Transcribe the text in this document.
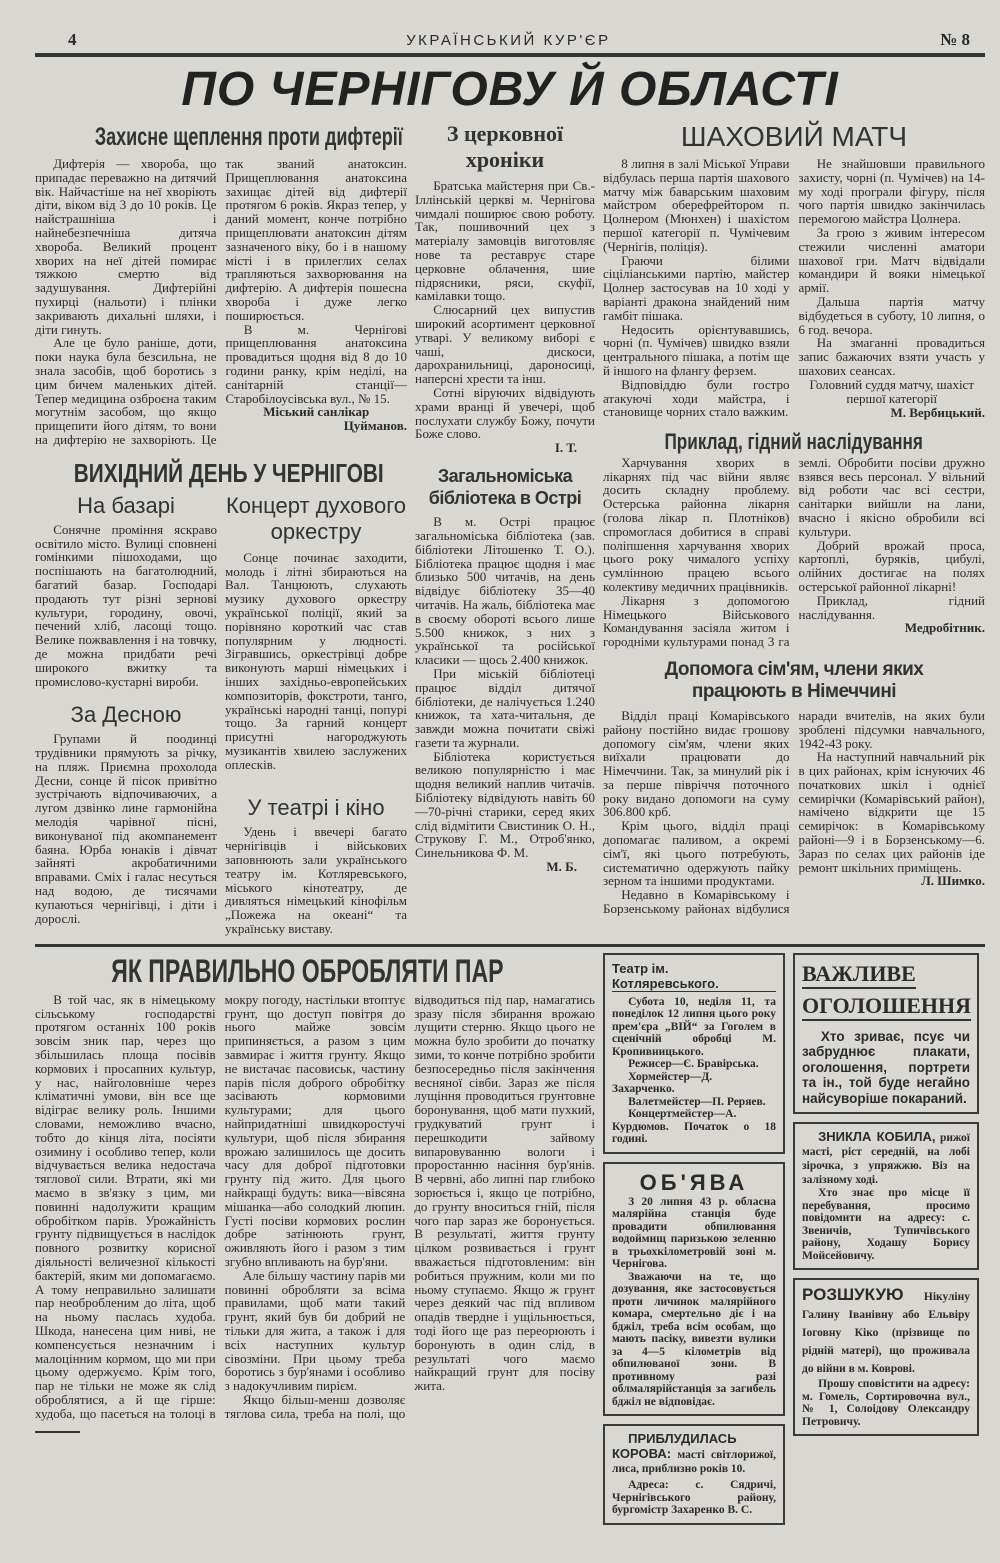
4	УКРАЇНСЬКИЙ КУР'ЄР	№ 8
ПО ЧЕРНІГОВУ Й ОБЛАСТІ
Захисне щеплення проти дифтерії

Дифтерія — хвороба, що припадає переважно на дитячий вік. Найчастіше на неї хворіють діти, віком від 3 до 10 років. Це найстрашніша і найнебезпечніша дитяча хвороба. Великий процент хворих на неї дітей помирає тяжкою смертю від задушування. Дифтерійні пухирці (нальоти) і плінки закривають дихальні шляхи, і діти гинуть.

Але це було раніше, доти, поки наука була безсильна, не знала засобів, щоб боротись з цим бичем маленьких дітей. Тепер медицина озброєна таким могутнім засобом, що якщо прищепити його дітям, то вони на дифтерію не захворіють. Це так званий анатоксин. Прищеплювання анатоксина захищає дітей від дифтерії протягом 6 років. Якраз тепер, у даний момент, конче потрібно прищеплювати анатоксин дітям зазначеного віку, бо і в нашому місті і в прилеглих селах трапляються захворювання на дифтерію. А дифтерія пошесна хвороба і дуже легко поширюється.

В м. Чернігові прищеплювання анатоксина провадиться щодня від 8 до 10 години ранку, крім неділі, на санітарній станції—Старобілоусівська вул., № 15.

Міський санлікар
Цуйманов.
ВИХІДНИЙ ДЕНЬ У ЧЕРНІГОВІ
На базарі

Сонячне проміння яскраво освітило місто. Вулиці сповнені гомінкими пішоходами, що поспішають на багатолюдний, багатий базар. Господарі продають тут різні зернові культури, городину, овочі, печений хліб, ласощі тощо. Велике пожвавлення і на товчку, де можна придбати речі широкого вжитку та промислово-кустарні вироби.

За Десною

Групами й поодинці трудівники прямують за річку, на пляж. Приємна прохолода Десни, сонце й пісок привітно зустрічають відпочиваючих, а лугом дзвінко лине гармонійна мелодія чарівної пісні, виконуваної під акомпанемент баяна. Юрба юнаків і дівчат зайняті акробатичними вправами. Сміх і галас несуться над водою, де тисячами купаються чернігівці, і діти і дорослі.

Концерт духового оркестру

Сонце починає заходити, молодь і літні збираються на Вал. Танцюють, слухають музику духового оркестру української поліції, який за порівняно короткий час став популярним у людності. Зігравшись, оркестрівці добре виконують марші німецьких і інших західньо-европейських композиторів, фокстроти, танго, українські народні танці, попурі тощо. За гарний концерт присутні нагороджують музикантів хвилею заслужених оплесків.

У театрі і кіно

Удень і ввечері багато чернігівців і військових заповнюють зали українського театру ім. Котляревського, міського кінотеатру, де дивляться німецький кінофільм „Пожежа на океані“ та українську виставу.

З церковної хроніки

Братська майстерня при Св.-Іллінській церкві м. Чернігова чимдалі поширює свою роботу. Так, пошивочний цех з матеріалу замовців виготовляє нове та реставрує старе церковне облачення, шие підрясники, ряси, скуфії, камілавки тощо.

Слюсарний цех випустив широкий асортимент церковної утварі. У великому виборі є чаші, дискоси, дарохранильниці, дароносиці, наперсні хрести та інш.

Сотні віруючих відвідують храми вранці й увечері, щоб послухати службу Божу, почути Боже слово.

І. Т.
Загальноміська бібліотека в Острі

В м. Острі працює загальноміська бібліотека (зав. бібліотеки Літошенко Т. О.). Бібліотека працює щодня і має близько 500 читачів, на день відвідує бібліотеку 35—40 читачів. На жаль, бібліотека має в своєму обороті всього лише 5.500 книжок, з них з української та російської класики — щось 2.400 книжок.

При міській бібліотеці працює відділ дитячої бібліотеки, де налічується 1.240 книжок, та хата-читальня, де завжди можна почитати свіжі газети та журнали.

Бібліотека користується великою популярністю і має щодня великий наплив читачів. Бібліотеку відвідують навіть 60—70-річні старики, серед яких слід відмітити Свистиник О. Н., Струкову Г. М., Отроб'янко, Синельникова Ф. М.

М. Б.
ШАХОВИЙ МАТЧ

8 липня в залі Міської Управи відбулась перша партія шахового матчу між баварським шаховим майстром оберефрейтором п. Цолнером (Мюнхен) і шахістом першої категорії п. Чумічевим (Чернігів, поліція).

Граючи білими сіціліанськими партію, майстер Цолнер застосував на 10 ході у варіанті дракона знайдений ним гамбіт пішака.

Недосить орієнтувавшись, чорні (п. Чумічев) швидко взяли центрального пішака, а потім ще й іншого на флангу ферзем.

Відповіддю були гостро атакуючі ходи майстра, і становище чорних стало важким.

Не знайшовши правильного захисту, чорні (п. Чумічев) на 14-му ході програли фігуру, після чого партія швидко закінчилась перемогою майстра Цолнера.

За грою з живим інтересом стежили численні аматори шахової гри. Матч відвідали командири й вояки німецької армії.

Дальша партія матчу відбудеться в суботу, 10 липня, о 6 год. вечора.

На змаганні провадиться запис бажаючих взяти участь у шахових сеансах.

Головний суддя матчу, шахіст першої категорії
М. Вербицький.
Приклад, гідний наслідування

Харчування хворих в лікарнях під час війни являє досить складну проблему. Остерська районна лікарня (голова лікар п. Плотніков) спромоглася добитися в справі поліпшення харчування хворих цього року чималого успіху сумлінною працею всього колективу медичних працівників.

Лікарня з допомогою Німецького Військового Командування засіяла житом і городніми культурами понад 3 га землі. Обробити посіви дружно взявся весь персонал. У вільний від роботи час всі сестри, санітарки вийшли на лани, вчасно і якісно обробили всі культури.

Добрий врожай проса, картоплі, буряків, цибулі, олійних достигає на полях остерської районної лікарні!

Приклад, гідний наслідування.

Медробітник.
Допомога сім'ям, члени яких працюють в Німеччині

Відділ праці Комарівського району постійно видає грошову допомогу сім'ям, члени яких виїхали працювати до Німеччини. Так, за минулий рік і за перше півріччя поточного року видано допомоги на суму 306.800 крб.

Крім цього, відділ праці допомагає паливом, а окремі сім'ї, які цього потребують, систематично одержують пайку зерном та іншими продуктами.

Недавно в Комарівському і Борзенському районах відбулися наради вчителів, на яких були зроблені підсумки навчального, 1942-43 року.

На наступний навчальний рік в цих районах, крім існуючих 46 початкових шкіл і однієї семирічки (Комарівський район), намічено відкрити ще 15 семирічок: в Комарівському районі—9 і в Борзенському—6. Зараз по селах цих районів іде ремонт шкільних приміщень.

Л. Шимко.
ЯК ПРАВИЛЬНО ОБРОБЛЯТИ ПАР

В той час, як в німецькому сільському господарстві протягом останніх 100 років зовсім зник пар, через що збільшилась площа посівів кормових і просапних культур, у нас, найголовніше через кліматичні умови, він все ще відіграє велику роль. Іншими словами, неможливо вчасно, тобто до кінця літа, посіяти озимину і особливо тепер, коли відчувається велика недостача тяглової сили. Втрати, які ми маємо в зв'язку з цим, ми повинні надолужити кращим обробітком парів. Урожайність грунту підвищується в наслідок повного розвитку корисної діяльності величезної кількості бактерій, яким ми допомагаємо. А тому неправильно залишати пар необробленим до літа, щоб на ньому паслась худоба. Шкода, нанесена цим ниві, не компенсується незначним і малоцінним кормом, що ми при цьому одержуємо. Крім того, пар не тільки не може як слід оброблятися, а й ще гірше: худоба, що пасеться на толоці в мокру погоду, настільки втоптує грунт, що доступ повітря до нього майже зовсім припиняється, а разом з цим завмирає і життя грунту. Якщо не вистачає пасовиськ, частину парів після доброго обробітку засівають кормовими культурами; для цього найпридатніші швидкоростучі культури, щоб після збирання врожаю залишилось ще досить часу для доброї підготовки грунту під жито. Для цього найкращі будуть: вика—вівсяна мішанка—або солодкий люпин. Густі посіви кормових рослин добре затінюють грунт, оживляють його і разом з тим згубно впливають на бур'яни.

Але більшу частину парів ми повинні обробляти за всіма правилами, щоб мати такий грунт, який був би добрий не тільки для жита, а також і для всіх наступних культур сівозміни. При цьому треба боротись з бур'янами і особливо з надокучливим пирієм.

Якщо більш-менш дозволяє тяглова сила, треба на полі, що відводиться під пар, намагатись зразу після збирання врожаю лущити стерню. Якщо цього не можна було зробити до початку зими, то конче потрібно зробити безпосередньо після закінчення весняної сівби. Зараз же після лущіння проводиться грунтовне боронування, щоб мати пухкий, грудкуватий грунт і перешкодити зайвому випаровуванню вологи і проростанню насіння бур'янів. В червні, або липні пар глибоко зорюється і, якщо це потрібно, до грунту вноситься гній, після чого пар зараз же боронується. В результаті, життя грунту цілком розвивається і грунт вважається підготовленим: він робиться пружним, коли ми по ньому ступаємо. Якщо ж грунт через деякий час під впливом опадів твердне і ущільнюється, тоді його ще раз переорюють і боронують в один слід, в результаті чого маємо найкращий грунт для посіву жита.

Театр ім. Котляревського.

Субота 10, неділя 11, та понеділок 12 липня цього року прем'єра „ВІЙ“ за Гоголем в сценічній обробці М. Кропивницького.

Режисер—Є. Бравірська.

Хормейстер—Д. Захарченко.

Валетмейстер—П. Реряев.

Концертмейстер—А. Курдюмов. Початок о 18 годині.

ОБ'ЯВА

З 20 липня 43 р. обласна малярійна станція буде провадити обпилювання водоймищ паризькою зеленню в трьохкілометровій зоні м. Чернігова.

Зважаючи на те, що дозування, яке застосовується проти личинок малярійного комара, смертельно діє і на бджіл, треба всім особам, що мають пасіку, вивезти вулики за 4—5 кілометрів від обпилюваної зони. В противному разі облмалярійстанція за загибель бджіл не відповідає.

ПРИБЛУДИЛАСЬ КОРОВА: масті світлорижої, лиса, приблизно років 10.
Адреса: с. Сядричі, Чернігівського району, бургомістр Захаренко В. С.
ВАЖЛИВЕ
ОГОЛОШЕННЯ
Хто зриває, псує чи забруднює плакати, оголошення, портрети та ін., той буде негайно найсуворіше покараний.
ЗНИКЛА КОБИЛА, рижої масті, ріст середній, на лобі зірочка, з упряжжю. Віз на залізному ході.
Хто знає про місце її перебування, просимо повідомити на адресу: с. Звеничів, Тупичівського району, Ходашу Борису Мойсейовичу.
РОЗШУКУЮ Нікуліну Галину Іванівну або Ельвіру Іоговну Кіко (прізвище по рідній матері), що проживала до війни в м. Коврові.
Прошу сповістити на адресу: м. Гомель, Сортировочна вул., № 1, Солоідову Олександру Петровичу.
